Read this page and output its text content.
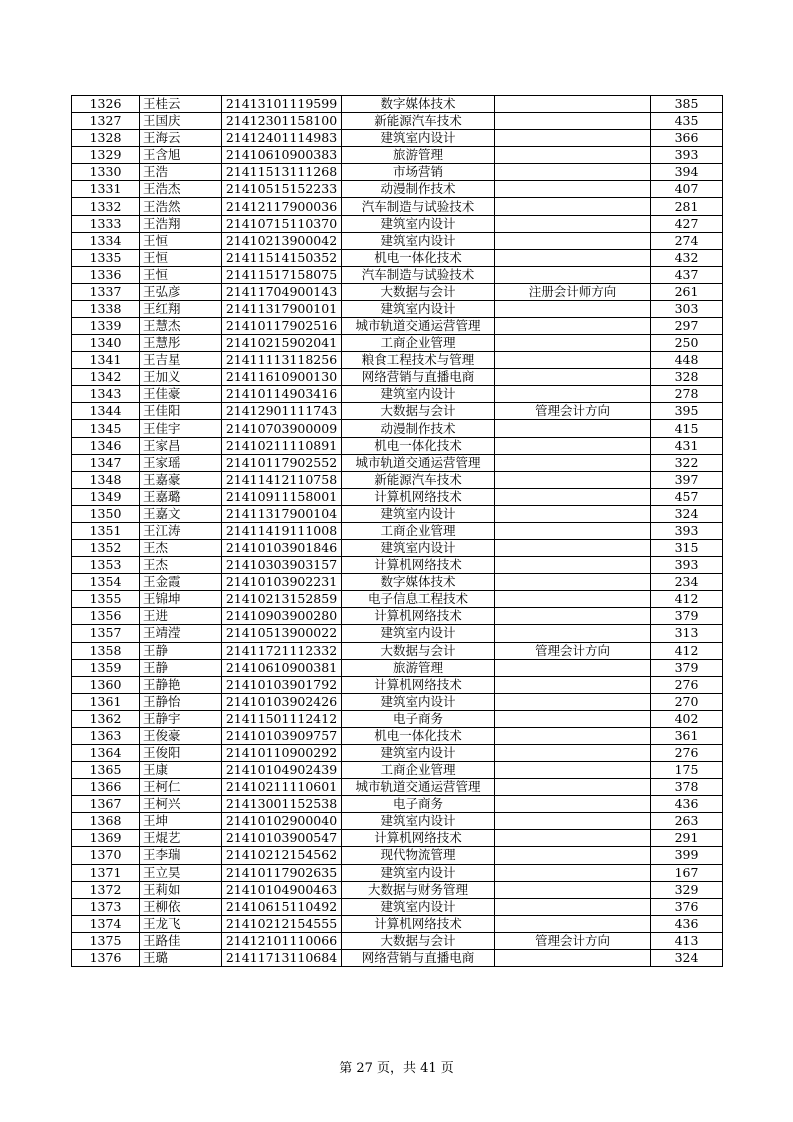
1326	王桂云	21413101119599	数字媒体技术		385
1327	王国庆	21412301158100	新能源汽车技术		435
1328	王海云	21412401114983	建筑室内设计		366
1329	王含旭	21410610900383	旅游管理		393
1330	王浩	21411513111268	市场营销		394
1331	王浩杰	21410515152233	动漫制作技术		407
1332	王浩然	21412117900036	汽车制造与试验技术		281
1333	王浩翔	21410715110370	建筑室内设计		427
1334	王恒	21410213900042	建筑室内设计		274
1335	王恒	21411514150352	机电一体化技术		432
1336	王恒	21411517158075	汽车制造与试验技术		437
1337	王弘彦	21411704900143	大数据与会计	注册会计师方向	261
1338	王红翔	21411317900101	建筑室内设计		303
1339	王慧杰	21410117902516	城市轨道交通运营管理		297
1340	王慧彤	21410215902041	工商企业管理		250
1341	王吉星	21411113118256	粮食工程技术与管理		448
1342	王加义	21411610900130	网络营销与直播电商		328
1343	王佳豪	21410114903416	建筑室内设计		278
1344	王佳阳	21412901111743	大数据与会计	管理会计方向	395
1345	王佳宇	21410703900009	动漫制作技术		415
1346	王家昌	21410211110891	机电一体化技术		431
1347	王家瑶	21410117902552	城市轨道交通运营管理		322
1348	王嘉豪	21411412110758	新能源汽车技术		397
1349	王嘉璐	21410911158001	计算机网络技术		457
1350	王嘉文	21411317900104	建筑室内设计		324
1351	王江涛	21411419111008	工商企业管理		393
1352	王杰	21410103901846	建筑室内设计		315
1353	王杰	21410303903157	计算机网络技术		393
1354	王金霞	21410103902231	数字媒体技术		234
1355	王锦坤	21410213152859	电子信息工程技术		412
1356	王进	21410903900280	计算机网络技术		379
1357	王靖滢	21410513900022	建筑室内设计		313
1358	王静	21411721112332	大数据与会计	管理会计方向	412
1359	王静	21410610900381	旅游管理		379
1360	王静艳	21410103901792	计算机网络技术		276
1361	王静怡	21410103902426	建筑室内设计		270
1362	王静宇	21411501112412	电子商务		402
1363	王俊豪	21410103909757	机电一体化技术		361
1364	王俊阳	21410110900292	建筑室内设计		276
1365	王康	21410104902439	工商企业管理		175
1366	王柯仁	21410211110601	城市轨道交通运营管理		378
1367	王柯兴	21413001152538	电子商务		436
1368	王坤	21410102900040	建筑室内设计		263
1369	王焜艺	21410103900547	计算机网络技术		291
1370	王李瑞	21410212154562	现代物流管理		399
1371	王立昊	21410117902635	建筑室内设计		167
1372	王莉如	21410104900463	大数据与财务管理		329
1373	王柳依	21410615110492	建筑室内设计		376
1374	王龙飞	21410212154555	计算机网络技术		436
1375	王路佳	21412101110066	大数据与会计	管理会计方向	413
1376	王璐	21411713110684	网络营销与直播电商		324
第 27 页，共 41 页
